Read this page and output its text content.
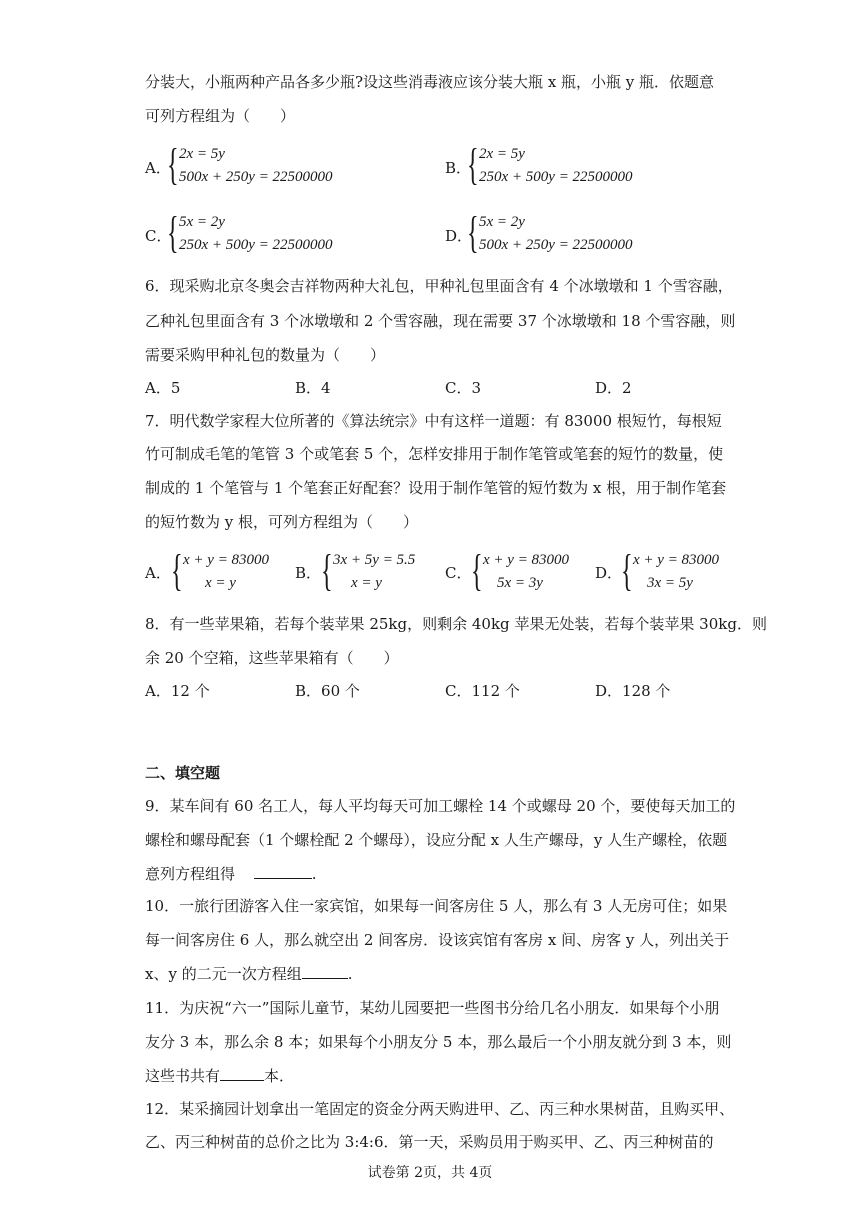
分装大，小瓶两种产品各多少瓶?设这些消毒液应该分装大瓶 x 瓶，小瓶 y 瓶．依题意
可列方程组为（　　）
A．
{ 2x = 5y
500x + 250y = 22500000	B．
{ 2x = 5y
250x + 500y = 22500000
C．
{ 5x = 2y
250x + 500y = 22500000	D．
{ 5x = 2y
500x + 250y = 22500000
6．现采购北京冬奥会吉祥物两种大礼包，甲种礼包里面含有 4 个冰墩墩和 1 个雪容融，
乙种礼包里面含有 3 个冰墩墩和 2 个雪容融，现在需要 37 个冰墩墩和 18 个雪容融，则
需要采购甲种礼包的数量为（　　）
A．5	B．4	C．3	D．2
7．明代数学家程大位所著的《算法统宗》中有这样一道题：有 83000 根短竹，每根短
竹可制成毛笔的笔管 3 个或笔套 5 个，怎样安排用于制作笔管或笔套的短竹的数量，使
制成的 1 个笔管与 1 个笔套正好配套？设用于制作笔管的短竹数为 x 根，用于制作笔套
的短竹数为 y 根，可列方程组为（　　）
A． { x + y = 83000
x = y
B． { 3x + 5y = 5.5
x = y
C． { x + y = 83000
5x = 3y
D．
{ x + y = 83000
3x = 5y
8．有一些苹果箱，若每个装苹果 25kg，则剩余 40kg 苹果无处装，若每个装苹果 30kg．则
余 20 个空箱，这些苹果箱有（　　）
A．12 个	B．60 个	C．112 个	D．128 个
二、填空题
9．某车间有 60 名工人，每人平均每天可加工螺栓 14 个或螺母 20 个，要使每天加工的
螺栓和螺母配套（1 个螺栓配 2 个螺母），设应分配 x 人生产螺母，y 人生产螺栓，依题
意列方程组得	.
10．一旅行团游客入住一家宾馆，如果每一间客房住 5 人，那么有 3 人无房可住；如果
每一间客房住 6 人，那么就空出 2 间客房．设该宾馆有客房 x 间、房客 y 人，列出关于
x、y 的二元一次方程组	.
11．为庆祝“六一”国际儿童节，某幼儿园要把一些图书分给几名小朋友．如果每个小朋
友分 3 本，那么余 8 本；如果每个小朋友分 5 本，那么最后一个小朋友就分到 3 本，则
这些书共有	本．
12．某采摘园计划拿出一笔固定的资金分两天购进甲、乙、丙三种水果树苗，且购买甲、
乙、丙三种树苗的总价之比为 3:4:6．第一天，采购员用于购买甲、乙、丙三种树苗的
试卷第 2页，共 4页
